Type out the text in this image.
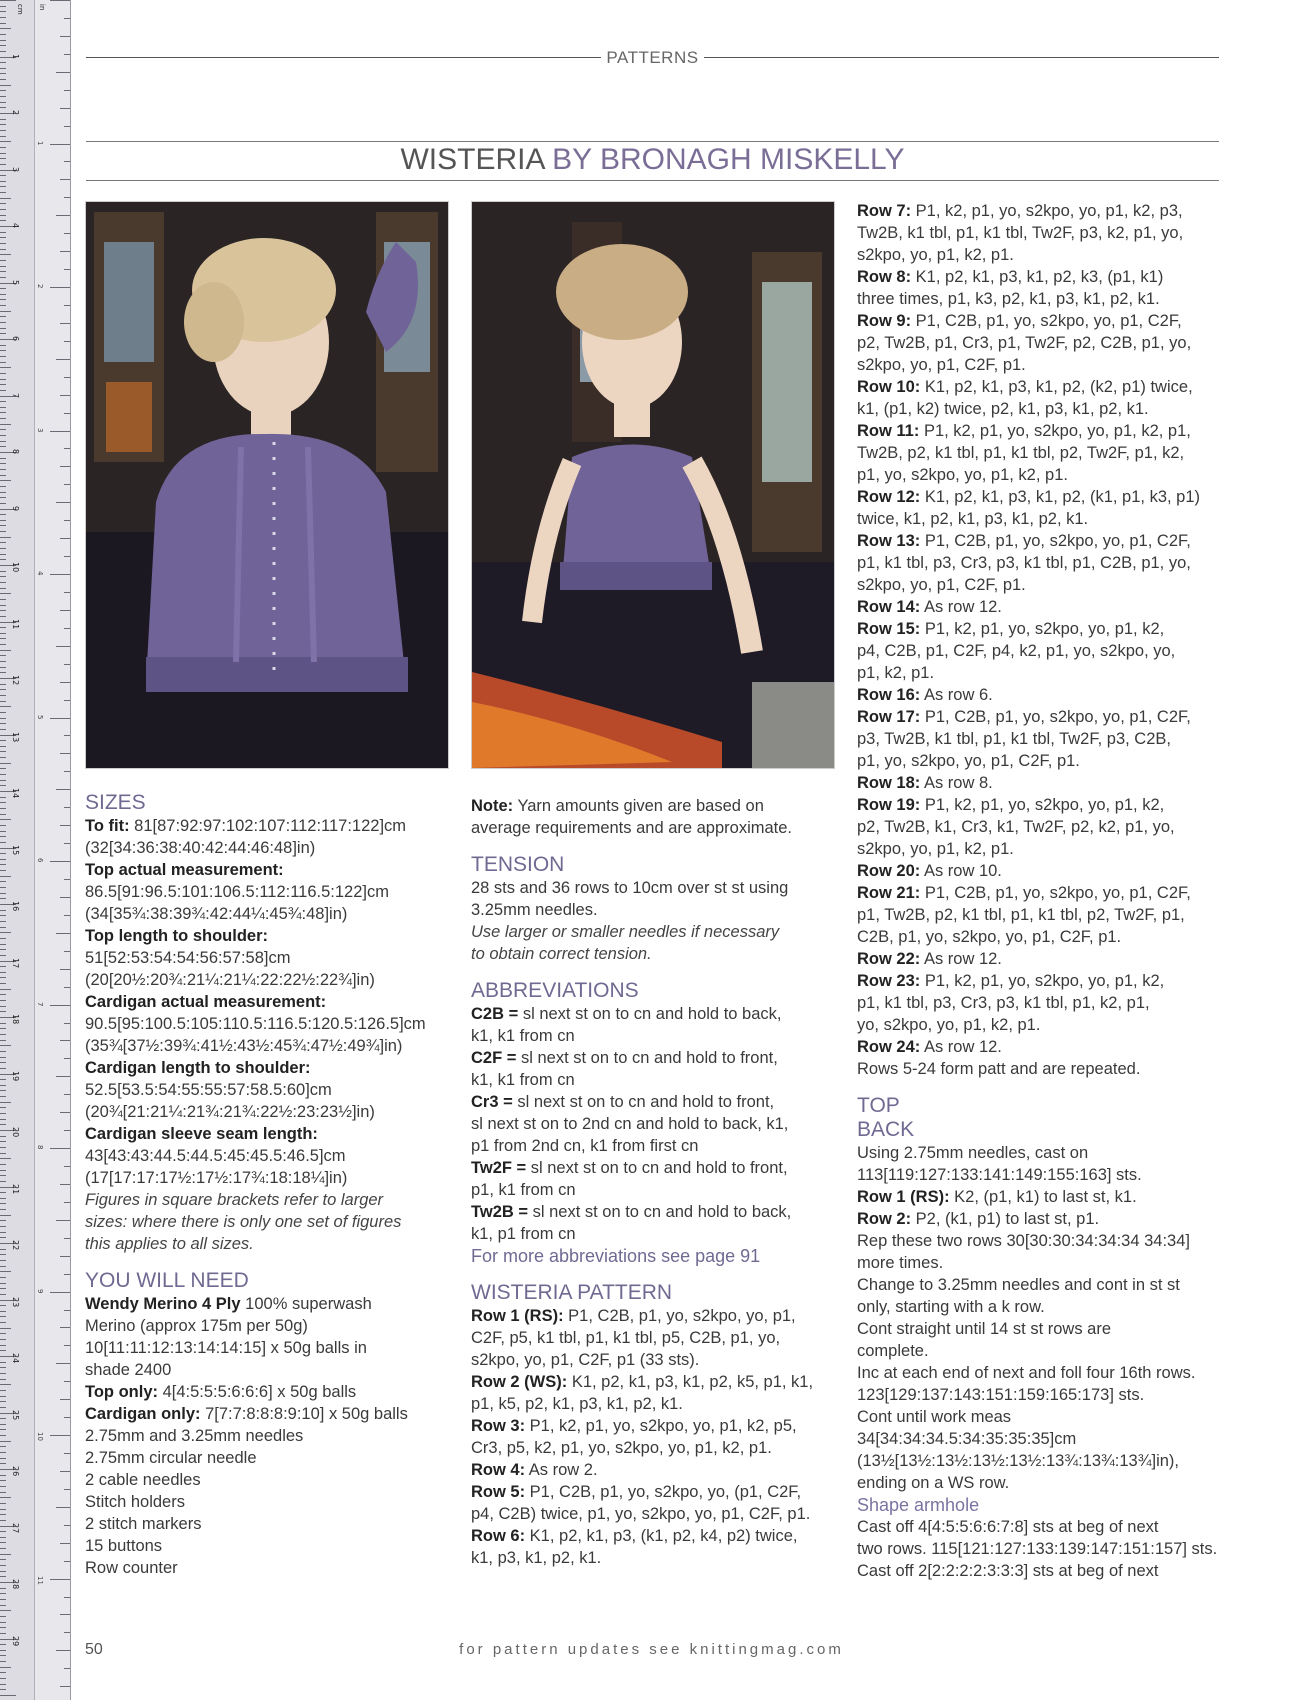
cm in
1
2
3
4
5
6
7
8
9
10
11
12
13
14
15
16
17
18
19
20
21
22
23
24
25
26
27
28
29
1
2
3
4
5
6
7
8
9
10
11
PATTERNS
WISTERIA BY BRONAGH MISKELLY
SIZES

To fit: 81[87:92:97:102:107:112:117:122]cm

(32[34:36:38:40:42:44:46:48]in)

Top actual measurement:

86.5[91:96.5:101:106.5:112:116.5:122]cm

(34[35¾:38:39¾:42:44¼:45¾:48]in)

Top length to shoulder:

51[52:53:54:54:56:57:58]cm

(20[20½:20¾:21¼:21¼:22:22½:22¾]in)

Cardigan actual measurement:

90.5[95:100.5:105:110.5:116.5:120.5:126.5]cm

(35¾[37½:39¾:41½:43½:45¾:47½:49¾]in)

Cardigan length to shoulder:

52.5[53.5:54:55:55:57:58.5:60]cm

(20¾[21:21¼:21¾:21¾:22½:23:23½]in)

Cardigan sleeve seam length:

43[43:43:44.5:44.5:45:45.5:46.5]cm

(17[17:17:17½:17½:17¾:18:18¼]in)

Figures in square brackets refer to larger

sizes: where there is only one set of figures

this applies to all sizes.

YOU WILL NEED

Wendy Merino 4 Ply 100% superwash

Merino (approx 175m per 50g)

10[11:11:12:13:14:14:15] x 50g balls in

shade 2400

Top only: 4[4:5:5:5:6:6:6] x 50g balls

Cardigan only: 7[7:7:8:8:8:9:10] x 50g balls

2.75mm and 3.25mm needles

2.75mm circular needle

2 cable needles

Stitch holders

2 stitch markers

15 buttons

Row counter

Note: Yarn amounts given are based on

average requirements and are approximate.

TENSION

28 sts and 36 rows to 10cm over st st using

3.25mm needles.

Use larger or smaller needles if necessary

to obtain correct tension.

ABBREVIATIONS

C2B = sl next st on to cn and hold to back,

k1, k1 from cn

C2F = sl next st on to cn and hold to front,

k1, k1 from cn

Cr3 = sl next st on to cn and hold to front,

sl next st on to 2nd cn and hold to back, k1,

p1 from 2nd cn, k1 from first cn

Tw2F = sl next st on to cn and hold to front,

p1, k1 from cn

Tw2B = sl next st on to cn and hold to back,

k1, p1 from cn

For more abbreviations see page 91

WISTERIA PATTERN

Row 1 (RS): P1, C2B, p1, yo, s2kpo, yo, p1,

C2F, p5, k1 tbl, p1, k1 tbl, p5, C2B, p1, yo,

s2kpo, yo, p1, C2F, p1 (33 sts).

Row 2 (WS): K1, p2, k1, p3, k1, p2, k5, p1, k1,

p1, k5, p2, k1, p3, k1, p2, k1.

Row 3: P1, k2, p1, yo, s2kpo, yo, p1, k2, p5,

Cr3, p5, k2, p1, yo, s2kpo, yo, p1, k2, p1.

Row 4: As row 2.

Row 5: P1, C2B, p1, yo, s2kpo, yo, (p1, C2F,

p4, C2B) twice, p1, yo, s2kpo, yo, p1, C2F, p1.

Row 6: K1, p2, k1, p3, (k1, p2, k4, p2) twice,

k1, p3, k1, p2, k1.

Row 7: P1, k2, p1, yo, s2kpo, yo, p1, k2, p3,

Tw2B, k1 tbl, p1, k1 tbl, Tw2F, p3, k2, p1, yo,

s2kpo, yo, p1, k2, p1.

Row 8: K1, p2, k1, p3, k1, p2, k3, (p1, k1)

three times, p1, k3, p2, k1, p3, k1, p2, k1.

Row 9: P1, C2B, p1, yo, s2kpo, yo, p1, C2F,

p2, Tw2B, p1, Cr3, p1, Tw2F, p2, C2B, p1, yo,

s2kpo, yo, p1, C2F, p1.

Row 10: K1, p2, k1, p3, k1, p2, (k2, p1) twice,

k1, (p1, k2) twice, p2, k1, p3, k1, p2, k1.

Row 11: P1, k2, p1, yo, s2kpo, yo, p1, k2, p1,

Tw2B, p2, k1 tbl, p1, k1 tbl, p2, Tw2F, p1, k2,

p1, yo, s2kpo, yo, p1, k2, p1.

Row 12: K1, p2, k1, p3, k1, p2, (k1, p1, k3, p1)

twice, k1, p2, k1, p3, k1, p2, k1.

Row 13: P1, C2B, p1, yo, s2kpo, yo, p1, C2F,

p1, k1 tbl, p3, Cr3, p3, k1 tbl, p1, C2B, p1, yo,

s2kpo, yo, p1, C2F, p1.

Row 14: As row 12.

Row 15: P1, k2, p1, yo, s2kpo, yo, p1, k2,

p4, C2B, p1, C2F, p4, k2, p1, yo, s2kpo, yo,

p1, k2, p1.

Row 16: As row 6.

Row 17: P1, C2B, p1, yo, s2kpo, yo, p1, C2F,

p3, Tw2B, k1 tbl, p1, k1 tbl, Tw2F, p3, C2B,

p1, yo, s2kpo, yo, p1, C2F, p1.

Row 18: As row 8.

Row 19: P1, k2, p1, yo, s2kpo, yo, p1, k2,

p2, Tw2B, k1, Cr3, k1, Tw2F, p2, k2, p1, yo,

s2kpo, yo, p1, k2, p1.

Row 20: As row 10.

Row 21: P1, C2B, p1, yo, s2kpo, yo, p1, C2F,

p1, Tw2B, p2, k1 tbl, p1, k1 tbl, p2, Tw2F, p1,

C2B, p1, yo, s2kpo, yo, p1, C2F, p1.

Row 22: As row 12.

Row 23: P1, k2, p1, yo, s2kpo, yo, p1, k2,

p1, k1 tbl, p3, Cr3, p3, k1 tbl, p1, k2, p1,

yo, s2kpo, yo, p1, k2, p1.

Row 24: As row 12.

Rows 5-24 form patt and are repeated.

TOP
BACK

Using 2.75mm needles, cast on

113[119:127:133:141:149:155:163] sts.

Row 1 (RS): K2, (p1, k1) to last st, k1.

Row 2: P2, (k1, p1) to last st, p1.

Rep these two rows 30[30:30:34:34:34 34:34]

more times.

Change to 3.25mm needles and cont in st st

only, starting with a k row.

Cont straight until 14 st st rows are

complete.

Inc at each end of next and foll four 16th rows.

123[129:137:143:151:159:165:173] sts.

Cont until work meas

34[34:34:34.5:34:35:35:35]cm

(13½[13½:13½:13½:13½:13¾:13¾:13¾]in),

ending on a WS row.

Shape armhole

Cast off 4[4:5:5:6:6:7:8] sts at beg of next

two rows. 115[121:127:133:139:147:151:157] sts.

Cast off 2[2:2:2:2:3:3:3] sts at beg of next

50	for pattern updates see knittingmag.com
